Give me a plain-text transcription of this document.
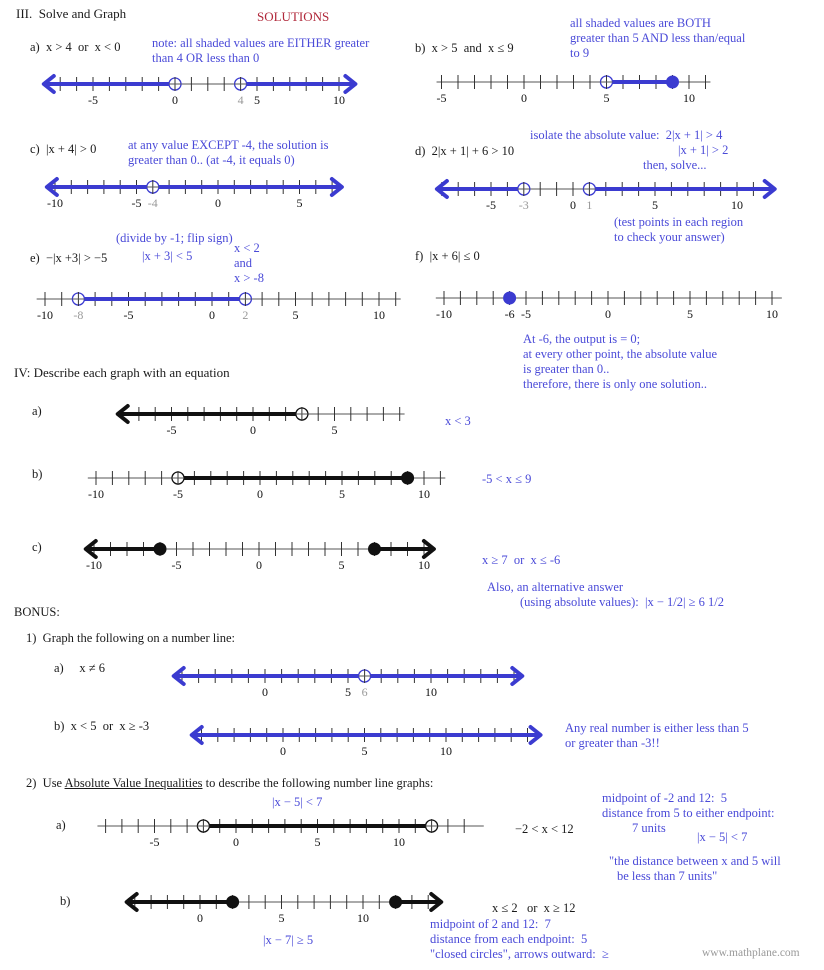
III.  Solve and Graph	SOLUTIONS
a)  x > 4  or  x < 0	note: all shaded values are EITHER greater
than 4 OR less than 0
b)  x > 5  and  x ≤ 9
all shaded values are BOTH
greater than 5 AND less than/equal
to 9
c)  |x + 4| > 0	at any value EXCEPT -4, the solution is
greater than 0.. (at -4, it equals 0)
d)  2|x + 1| + 6 > 10
isolate the absolute value:  2|x + 1| > 4
|x + 1| > 2
then, solve...
(test points in each region
to check your answer)
(divide by -1; flip sign)
e)  −|x +3| > −5	|x + 3| < 5
x < 2
and
x > -8
f)  |x + 6| ≤ 0
At -6, the output is = 0;
at every other point, the absolute value
is greater than 0..
therefore, there is only one solution..
IV: Describe each graph with an equation
a)
x < 3
b)	-5 < x ≤ 9
c)
x ≥ 7  or  x ≤ -6
Also, an alternative answer
(using absolute values):  |x − 1/2| ≥ 6 1/2
BONUS:
1)  Graph the following on a number line:
a)     x ≠ 6
b)  x < 5  or  x ≥ -3	Any real number is either less than 5
or greater than -3!!
2)  Use Absolute Value Inequalities to describe the following number line graphs:
|x − 5| < 7
a)	−2 < x < 12
midpoint of -2 and 12:  5
distance from 5 to either endpoint:
7 units
|x − 5| < 7
"the distance between x and 5 will
be less than 7 units"
b)	x ≤ 2   or  x ≥ 12
|x − 7| ≥ 5
midpoint of 2 and 12:  7
distance from each endpoint:  5
"closed circles", arrows outward:  ≥	www.mathplane.com
-5	0	5	10
4	-5	0	5	10
-10	-5	0	5
-4	-5	0	5	10
-3	1
-10	-5	0	5	10
-8	2	-10	-6 -5	0	5	10
-5	0	5
-10	-5	0	5	10
-10	-5	0	5	10
0	5	10
6
0	5	10
-5	0	5	10
0	5	10
